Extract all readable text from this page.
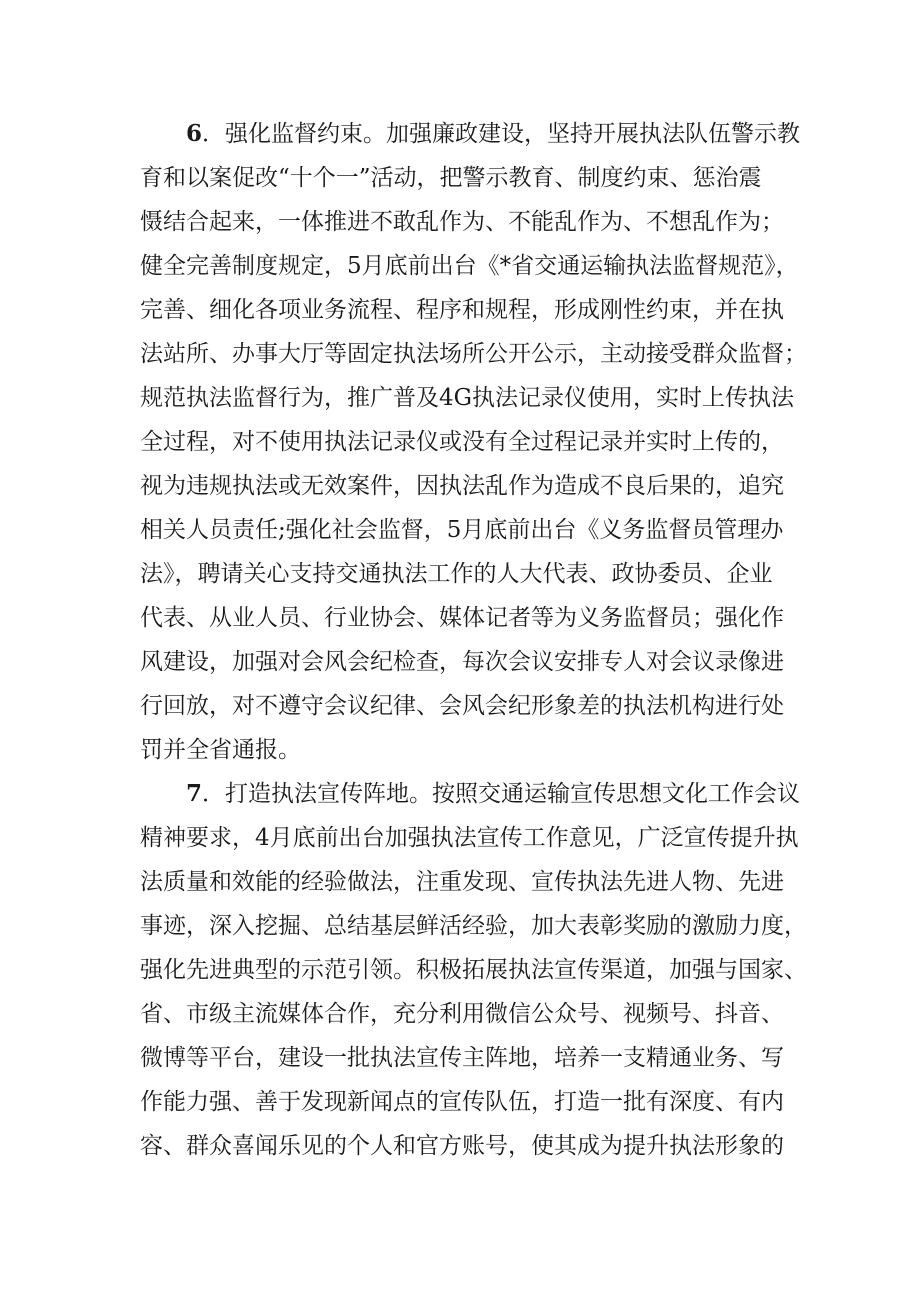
6．强化监督约束。加强廉政建设，坚持开展执法队伍警示教
育和以案促改“十个一”活动，把警示教育、制度约束、惩治震
慑结合起来，一体推进不敢乱作为、不能乱作为、不想乱作为；
健全完善制度规定，5月底前出台《*省交通运输执法监督规范》，
完善、细化各项业务流程、程序和规程，形成刚性约束，并在执
法站所、办事大厅等固定执法场所公开公示，主动接受群众监督；
规范执法监督行为，推广普及4G执法记录仪使用，实时上传执法
全过程，对不使用执法记录仪或没有全过程记录并实时上传的，
视为违规执法或无效案件，因执法乱作为造成不良后果的，追究
相关人员责任;强化社会监督，5月底前出台《义务监督员管理办
法》，聘请关心支持交通执法工作的人大代表、政协委员、企业
代表、从业人员、行业协会、媒体记者等为义务监督员；强化作
风建设，加强对会风会纪检查，每次会议安排专人对会议录像进
行回放，对不遵守会议纪律、会风会纪形象差的执法机构进行处
罚并全省通报。
7．打造执法宣传阵地。按照交通运输宣传思想文化工作会议
精神要求，4月底前出台加强执法宣传工作意见，广泛宣传提升执
法质量和效能的经验做法，注重发现、宣传执法先进人物、先进
事迹，深入挖掘、总结基层鲜活经验，加大表彰奖励的激励力度，
强化先进典型的示范引领。积极拓展执法宣传渠道，加强与国家、
省、市级主流媒体合作，充分利用微信公众号、视频号、抖音、
微博等平台，建设一批执法宣传主阵地，培养一支精通业务、写
作能力强、善于发现新闻点的宣传队伍，打造一批有深度、有内
容、群众喜闻乐见的个人和官方账号，使其成为提升执法形象的
